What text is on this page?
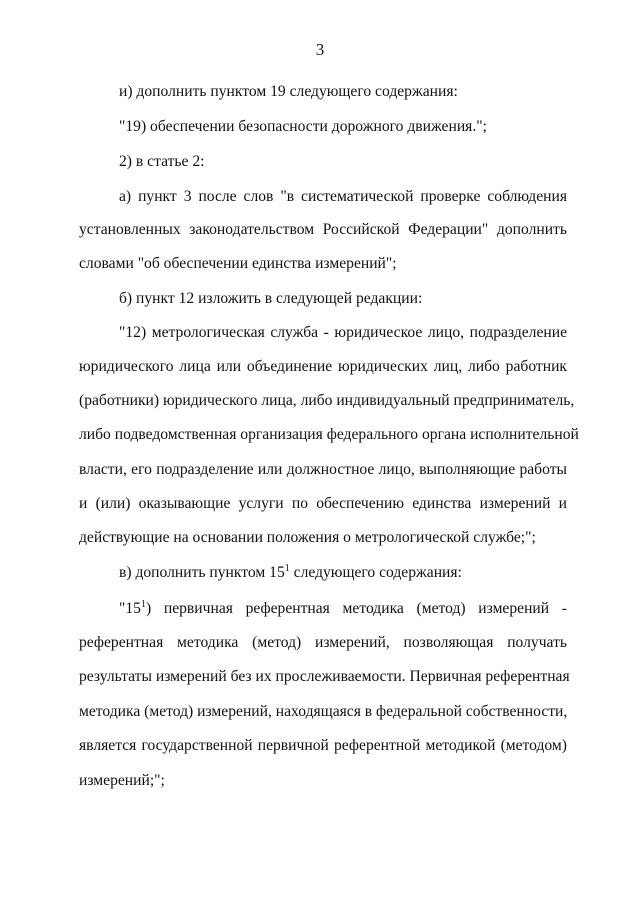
3
и) дополнить пунктом 19 следующего содержания:
"19) обеспечении безопасности дорожного движения.";
2) в статье 2:
а) пункт 3 после слов "в систематической проверке соблюдения
установленных законодательством Российской Федерации" дополнить
словами "об обеспечении единства измерений";
б) пункт 12 изложить в следующей редакции:
"12) метрологическая служба - юридическое лицо, подразделение
юридического лица или объединение юридических лиц, либо работник
(работники) юридического лица, либо индивидуальный предприниматель,
либо подведомственная организация федерального органа исполнительной
власти, его подразделение или должностное лицо, выполняющие работы
и (или) оказывающие услуги по обеспечению единства измерений и
действующие на основании положения о метрологической службе;";
в) дополнить пунктом $15^1$ следующего содержания:
"$15^1$) первичная референтная методика (метод) измерений -
референтная методика (метод) измерений, позволяющая получать
результаты измерений без их прослеживаемости. Первичная референтная
методика (метод) измерений, находящаяся в федеральной собственности,
является государственной первичной референтной методикой (методом)
измерений;";
